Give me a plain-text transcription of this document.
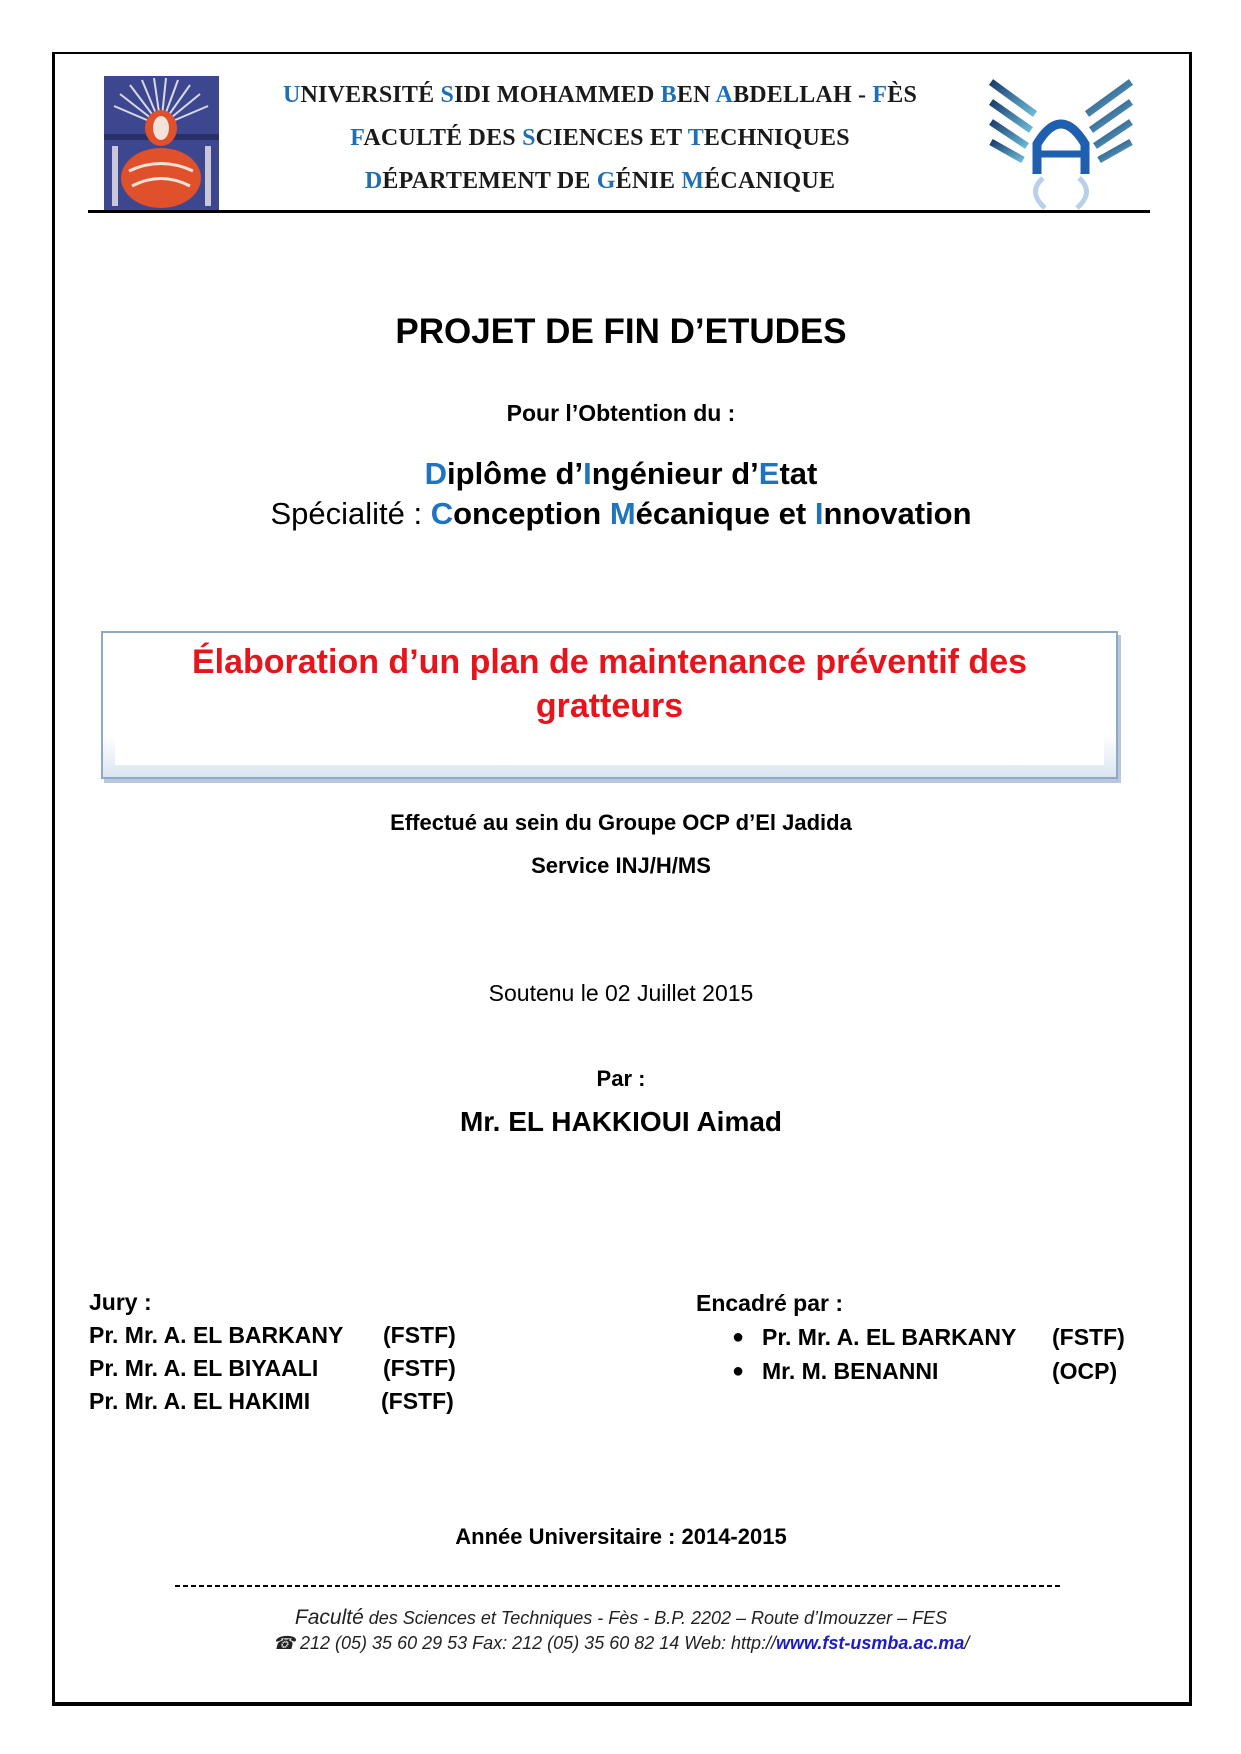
UNIVERSITÉ SIDI MOHAMMED BEN ABDELLAH - FÈS
FACULTÉ DES SCIENCES ET TECHNIQUES
DÉPARTEMENT DE GÉNIE MÉCANIQUE
PROJET DE FIN D’ETUDES
Pour l’Obtention du :
Diplôme d’Ingénieur d’Etat
Spécialité : Conception Mécanique et Innovation
Élaboration d’un plan de maintenance préventif des
gratteurs
Effectué au sein du Groupe OCP d’El Jadida
Service INJ/H/MS
Soutenu le 02 Juillet 2015
Par :
Mr. EL HAKKIOUI Aimad
Jury :
Pr. Mr. A. EL BARKANY	(FSTF)
Pr. Mr. A. EL BIYAALI	(FSTF)
Pr. Mr. A. EL HAKIMI	(FSTF)
Encadré par :
● Pr. Mr. A. EL BARKANY	(FSTF)
● Mr. M. BENANNI	(OCP)
Année Universitaire : 2014-2015
Faculté des Sciences et Techniques - Fès - B.P. 2202 – Route d’Imouzzer – FES
☎ 212 (05) 35 60 29 53 Fax: 212 (05) 35 60 82 14 Web: http://www.fst-usmba.ac.ma/
